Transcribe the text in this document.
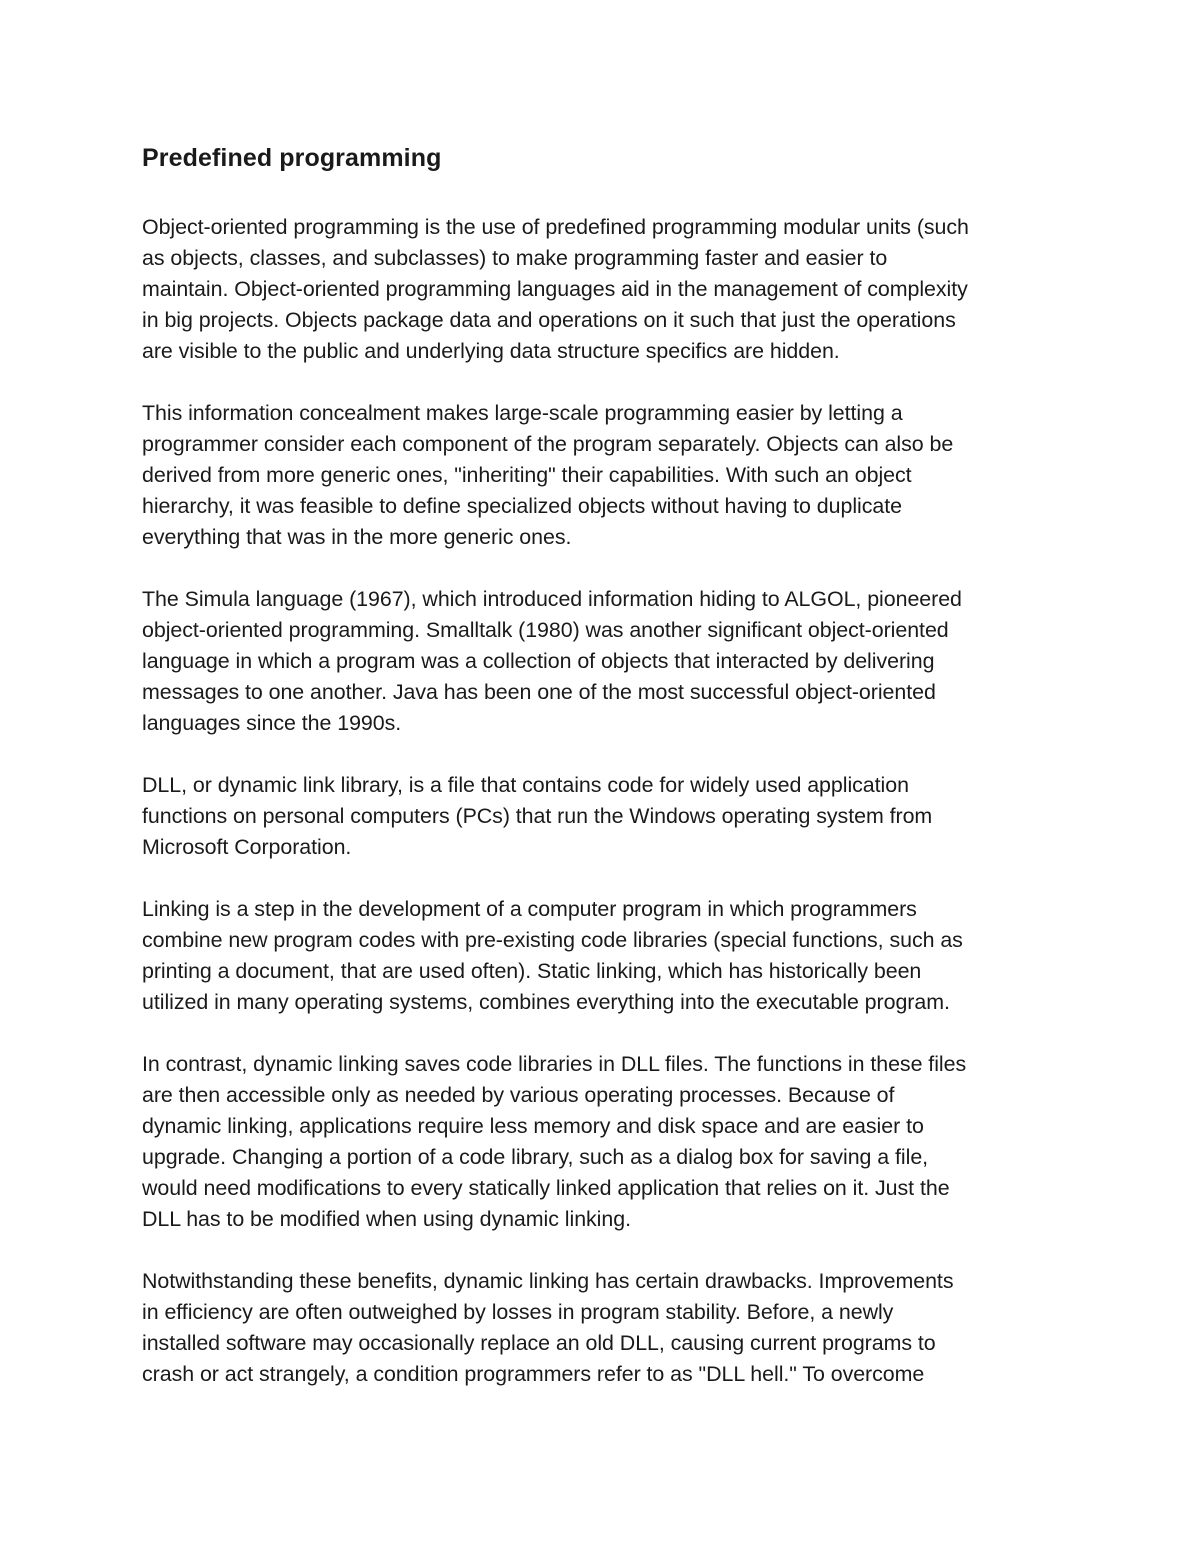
Predefined programming

Object-oriented programming is the use of predefined programming modular units (such
as objects, classes, and subclasses) to make programming faster and easier to
maintain. Object-oriented programming languages aid in the management of complexity
in big projects. Objects package data and operations on it such that just the operations
are visible to the public and underlying data structure specifics are hidden.

This information concealment makes large-scale programming easier by letting a
programmer consider each component of the program separately. Objects can also be
derived from more generic ones, "inheriting" their capabilities. With such an object
hierarchy, it was feasible to define specialized objects without having to duplicate
everything that was in the more generic ones.

The Simula language (1967), which introduced information hiding to ALGOL, pioneered
object-oriented programming. Smalltalk (1980) was another significant object-oriented
language in which a program was a collection of objects that interacted by delivering
messages to one another. Java has been one of the most successful object-oriented
languages since the 1990s.

DLL, or dynamic link library, is a file that contains code for widely used application
functions on personal computers (PCs) that run the Windows operating system from
Microsoft Corporation.

Linking is a step in the development of a computer program in which programmers
combine new program codes with pre-existing code libraries (special functions, such as
printing a document, that are used often). Static linking, which has historically been
utilized in many operating systems, combines everything into the executable program.

In contrast, dynamic linking saves code libraries in DLL files. The functions in these files
are then accessible only as needed by various operating processes. Because of
dynamic linking, applications require less memory and disk space and are easier to
upgrade. Changing a portion of a code library, such as a dialog box for saving a file,
would need modifications to every statically linked application that relies on it. Just the
DLL has to be modified when using dynamic linking.

Notwithstanding these benefits, dynamic linking has certain drawbacks. Improvements
in efficiency are often outweighed by losses in program stability. Before, a newly
installed software may occasionally replace an old DLL, causing current programs to
crash or act strangely, a condition programmers refer to as "DLL hell." To overcome
